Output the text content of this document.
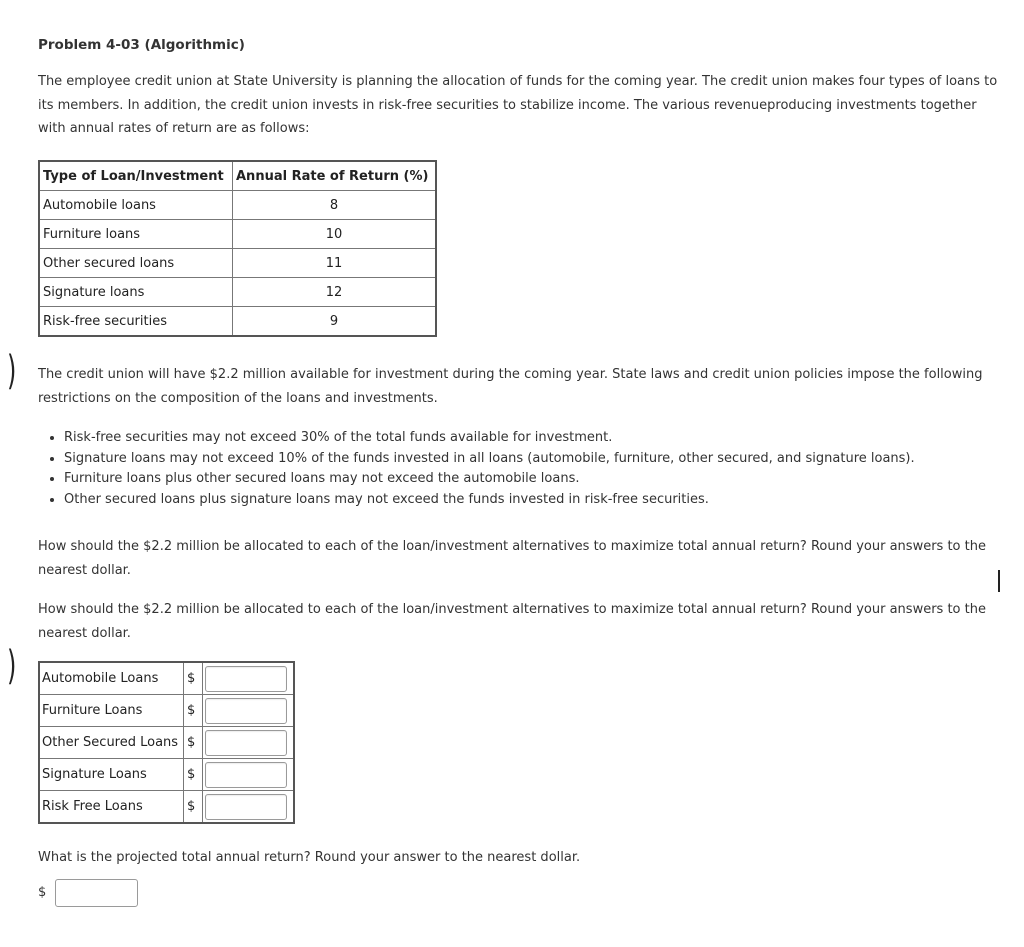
Problem 4-03 (Algorithmic)
The employee credit union at State University is planning the allocation of funds for the coming year. The credit union makes four types of loans to its members. In addition, the credit union invests in risk-free securities to stabilize income. The various revenueproducing investments together with annual rates of return are as follows:
Type of Loan/Investment	Annual Rate of Return (%)
Automobile loans	8
Furniture loans	10
Other secured loans	11
Signature loans	12
Risk-free securities	9
) The credit union will have $2.2 million available for investment during the coming year. State laws and credit union policies impose the following restrictions on the composition of the loans and investments.
• Risk-free securities may not exceed 30% of the total funds available for investment.
• Signature loans may not exceed 10% of the funds invested in all loans (automobile, furniture, other secured, and signature loans).
• Furniture loans plus other secured loans may not exceed the automobile loans.
• Other secured loans plus signature loans may not exceed the funds invested in risk-free securities.
How should the $2.2 million be allocated to each of the loan/investment alternatives to maximize total annual return? Round your answers to the nearest dollar.
How should the $2.2 million be allocated to each of the loan/investment alternatives to maximize total annual return? Round your answers to the nearest dollar.
) Automobile Loans	$	

Furniture Loans	$	

Other Secured Loans	$	

Signature Loans	$	

Risk Free Loans	$	
What is the projected total annual return? Round your answer to the nearest dollar.
$
